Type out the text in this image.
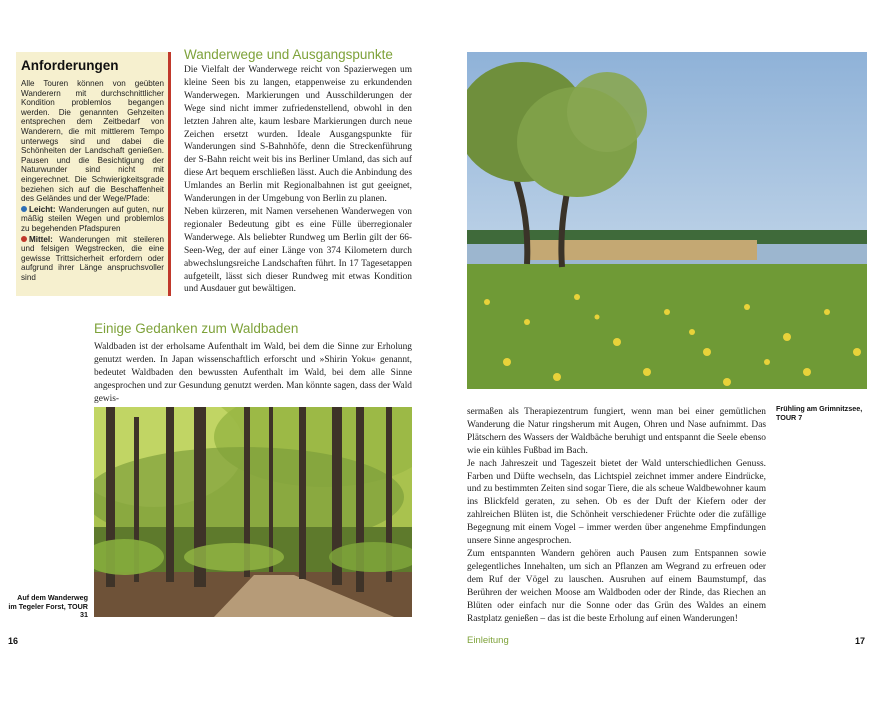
Anforderungen

Alle Touren können von geübten Wanderern mit durchschnittlicher Kondition problemlos begangen werden. Die genannten Gehzeiten entsprechen dem Zeitbedarf von Wanderern, die mit mittlerem Tempo unterwegs sind und dabei die Schönheiten der Landschaft genießen. Pausen und die Besichtigung der Naturwunder sind nicht mit eingerechnet. Die Schwierigkeitsgrade beziehen sich auf die Beschaffenheit des Geländes und der Wege/Pfade:

Leicht: Wanderungen auf guten, nur mäßig steilen Wegen und problemlos zu begehenden Pfadspuren

Mittel: Wanderungen mit steileren und felsigen Wegstrecken, die eine gewisse Trittsicherheit erfordern oder aufgrund ihrer Länge anspruchsvoller sind

Wanderwege und Ausgangspunkte

Die Vielfalt der Wanderwege reicht von Spazierwegen um kleine Seen bis zu langen, etappenweise zu erkundenden Wanderwegen. Markierungen und Ausschilderungen der Wege sind nicht immer zufriedenstellend, obwohl in den letzten Jahren alte, kaum lesbare Markierungen durch neue Zeichen ersetzt wurden. Ideale Ausgangspunkte für Wanderungen sind S-Bahnhöfe, denn die Streckenführung der S-Bahn reicht weit bis ins Berliner Umland, das sich auf diese Art bequem erschließen lässt. Auch die Anbindung des Umlandes an Berlin mit Regionalbahnen ist gut geeignet, Wanderungen in der Umgebung von Berlin zu planen.

Neben kürzeren, mit Namen versehenen Wanderwegen von regionaler Bedeutung gibt es eine Fülle überregionaler Wanderwege. Als beliebter Rundweg um Berlin gilt der 66-Seen-Weg, der auf einer Länge von 374 Kilometern durch abwechslungsreiche Landschaften führt. In 17 Tagesetappen aufgeteilt, lässt sich dieser Rundweg mit etwas Kondition und Ausdauer gut bewältigen.

Einige Gedanken zum Waldbaden

Waldbaden ist der erholsame Aufenthalt im Wald, bei dem die Sinne zur Erholung genutzt werden. In Japan wissenschaftlich erforscht und »Shirin Yoku« genannt, bedeutet Waldbaden den bewussten Aufenthalt im Wald, bei dem alle Sinne angesprochen und zur Gesundung genutzt werden. Man könnte sagen, dass der Wald gewis-

Auf dem Wanderweg im Tegeler Forst, TOUR 31
Frühling am Grimnitzsee, TOUR 7

sermaßen als Therapiezentrum fungiert, wenn man bei einer gemütlichen Wanderung die Natur ringsherum mit Augen, Ohren und Nase aufnimmt. Das Plätschern des Wassers der Waldbäche beruhigt und entspannt die Seele ebenso wie ein kühles Fußbad im Bach.

Je nach Jahreszeit und Tageszeit bietet der Wald unterschiedlichen Genuss. Farben und Düfte wechseln, das Lichtspiel zeichnet immer andere Eindrücke, und zu bestimmten Zeiten sind sogar Tiere, die als scheue Waldbewohner kaum ins Blickfeld geraten, zu sehen. Ob es der Duft der Kiefern oder der zahlreichen Blüten ist, die Schönheit verschiedener Früchte oder die zufällige Begegnung mit einem Vogel – immer werden über angenehme Empfindungen unsere Sinne angesprochen.

Zum entspannten Wandern gehören auch Pausen zum Entspannen sowie gelegentliches Innehalten, um sich an Pflanzen am Wegrand zu erfreuen oder dem Ruf der Vögel zu lauschen. Ausruhen auf einem Baumstumpf, das Berühren der weichen Moose am Waldboden oder der Rinde, das Riechen an Blüten oder einfach nur die Sonne oder das Grün des Waldes an einem Rastplatz genießen – das ist die beste Erholung auf einen Wanderungen!

16	Einleitung	17
